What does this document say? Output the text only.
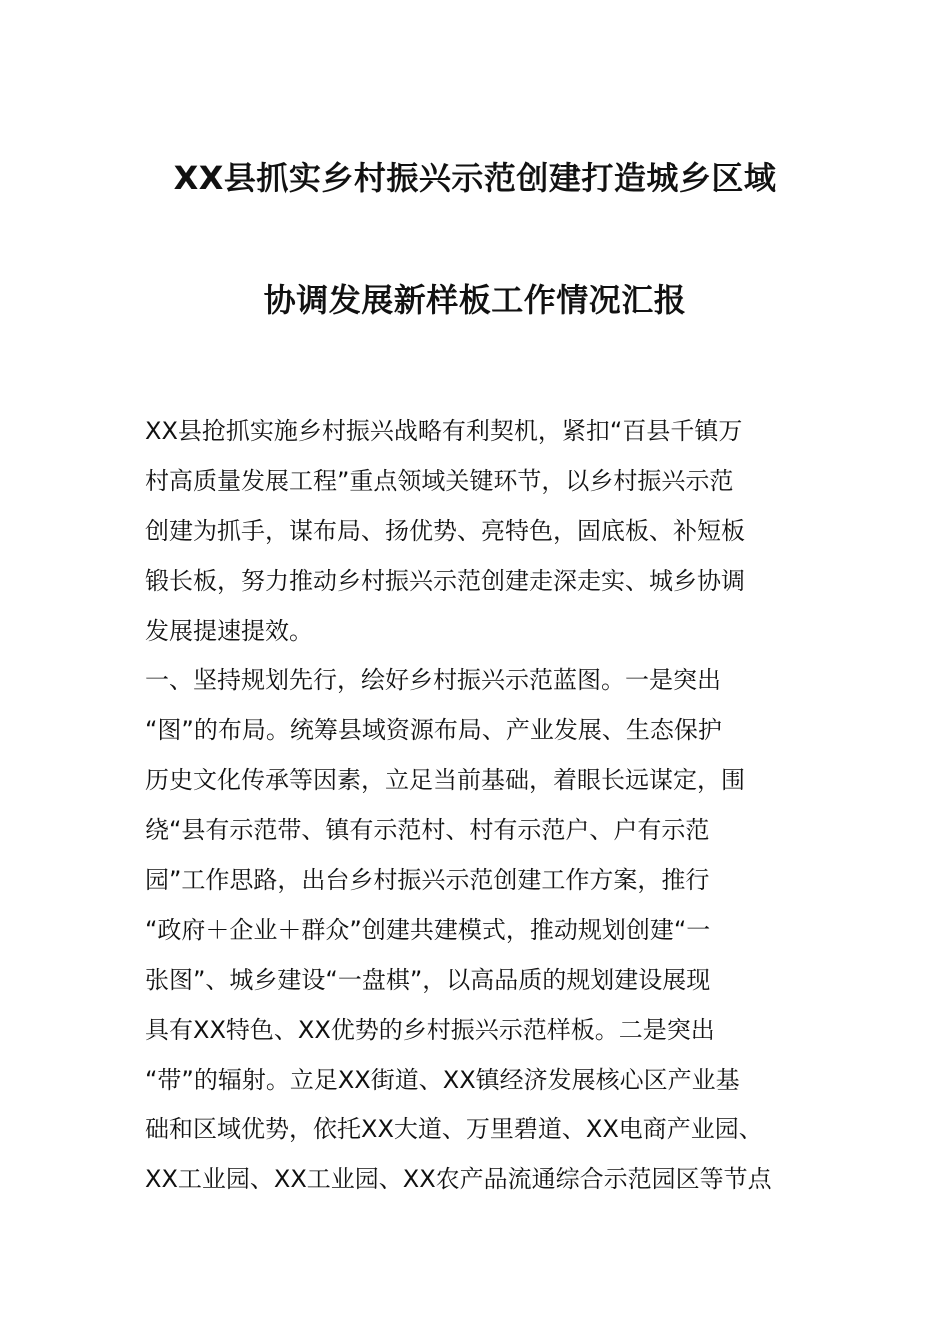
XX县抓实乡村振兴示范创建打造城乡区域
协调发展新样板工作情况汇报
XX县抢抓实施乡村振兴战略有利契机，紧扣“百县千镇万
村高质量发展工程”重点领域关键环节，以乡村振兴示范
创建为抓手，谋布局、扬优势、亮特色，固底板、补短板
锻长板，努力推动乡村振兴示范创建走深走实、城乡协调
发展提速提效。
一、坚持规划先行，绘好乡村振兴示范蓝图。一是突出
“图”的布局。统筹县域资源布局、产业发展、生态保护
历史文化传承等因素，立足当前基础，着眼长远谋定，围
绕“县有示范带、镇有示范村、村有示范户、户有示范
园”工作思路，出台乡村振兴示范创建工作方案，推行
“政府＋企业＋群众”创建共建模式，推动规划创建“一
张图”、城乡建设“一盘棋”，以高品质的规划建设展现
具有XX特色、XX优势的乡村振兴示范样板。二是突出
“带”的辐射。立足XX街道、XX镇经济发展核心区产业基
础和区域优势，依托XX大道、万里碧道、XX电商产业园、
XX工业园、XX工业园、XX农产品流通综合示范园区等节点
